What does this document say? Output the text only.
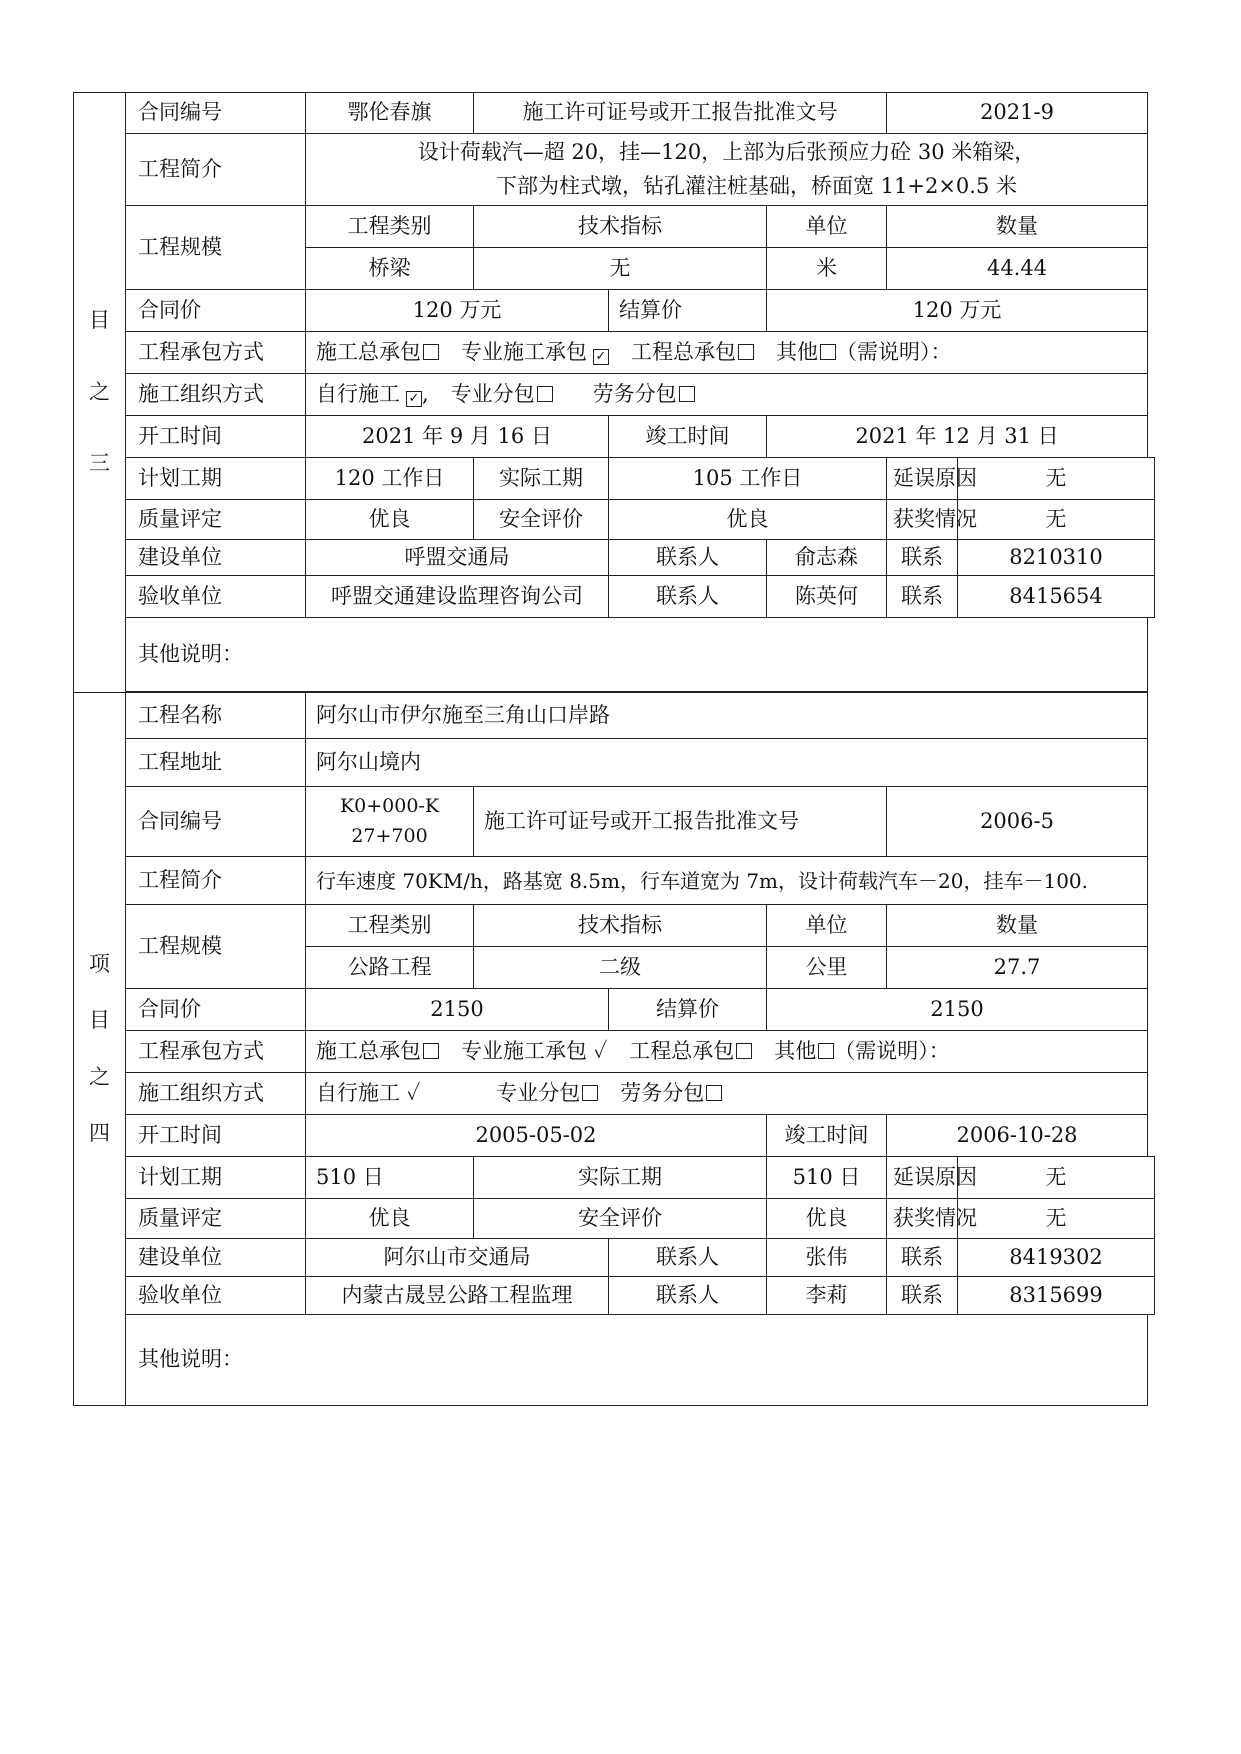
目
之
三	合同编号	鄂伦春旗	施工许可证号或开工报告批准文号			2021-9	
	工程简介	设计荷载汽—超 20，挂—120，上部为后张预应力砼 30 米箱梁，
下部为柱式墩，钻孔灌注桩基础，桥面宽 11+2×0.5 米					

	工程规模	工程类别	技术指标		单位	数量	
		桥梁	无		米	44.44	
	合同价	120 万元		结算价	120 万元		
	工程承包方式	施工总承包 专业施工承包 ✓ 工程总承包 其他 （需说明）：					
	施工组织方式	自行施工 ✓ , 专业分包 劳务分包					
	开工时间	2021 年 9 月 16 日		竣工时间	2021 年 12 月 31 日		
	计划工期	120 工作日	实际工期	105 工作日		延误原因	无
	质量评定	优良	安全评价	优良		获奖情况	无
	建设单位	呼盟交通局		联系人	俞志森	联系	8210310
	验收单位	呼盟交通建设监理咨询公司		联系人	陈英何	联系	8415654
	其他说明：						

项
目
之
四	工程名称	阿尔山市伊尔施至三角山口岸路					
	工程地址	阿尔山境内					
	合同编号	K0+000-K
27+700	施工许可证号或开工报告批准文号			2006-5	
	工程简介	行车速度 70KM/h，路基宽 8.5m，行车道宽为 7m，设计荷载汽车－20，挂车－100.					
	工程规模	工程类别	技术指标		单位	数量	
		公路工程	二级		公里	27.7	
	合同价	2150		结算价	2150		
	工程承包方式	施工总承包 专业施工承包 ✓ 工程总承包 其他 （需说明）：					
	施工组织方式	自行施工 ✓ 专业分包 劳务分包					
	开工时间	2005-05-02			竣工时间	2006-10-28	
	计划工期	510 日	实际工期		510 日	延误原因	无
	质量评定	优良	安全评价		优良	获奖情况	无
	建设单位	阿尔山市交通局		联系人	张伟	联系	8419302
	验收单位	内蒙古晟昱公路工程监理		联系人	李莉	联系	8315699
	其他说明：						
